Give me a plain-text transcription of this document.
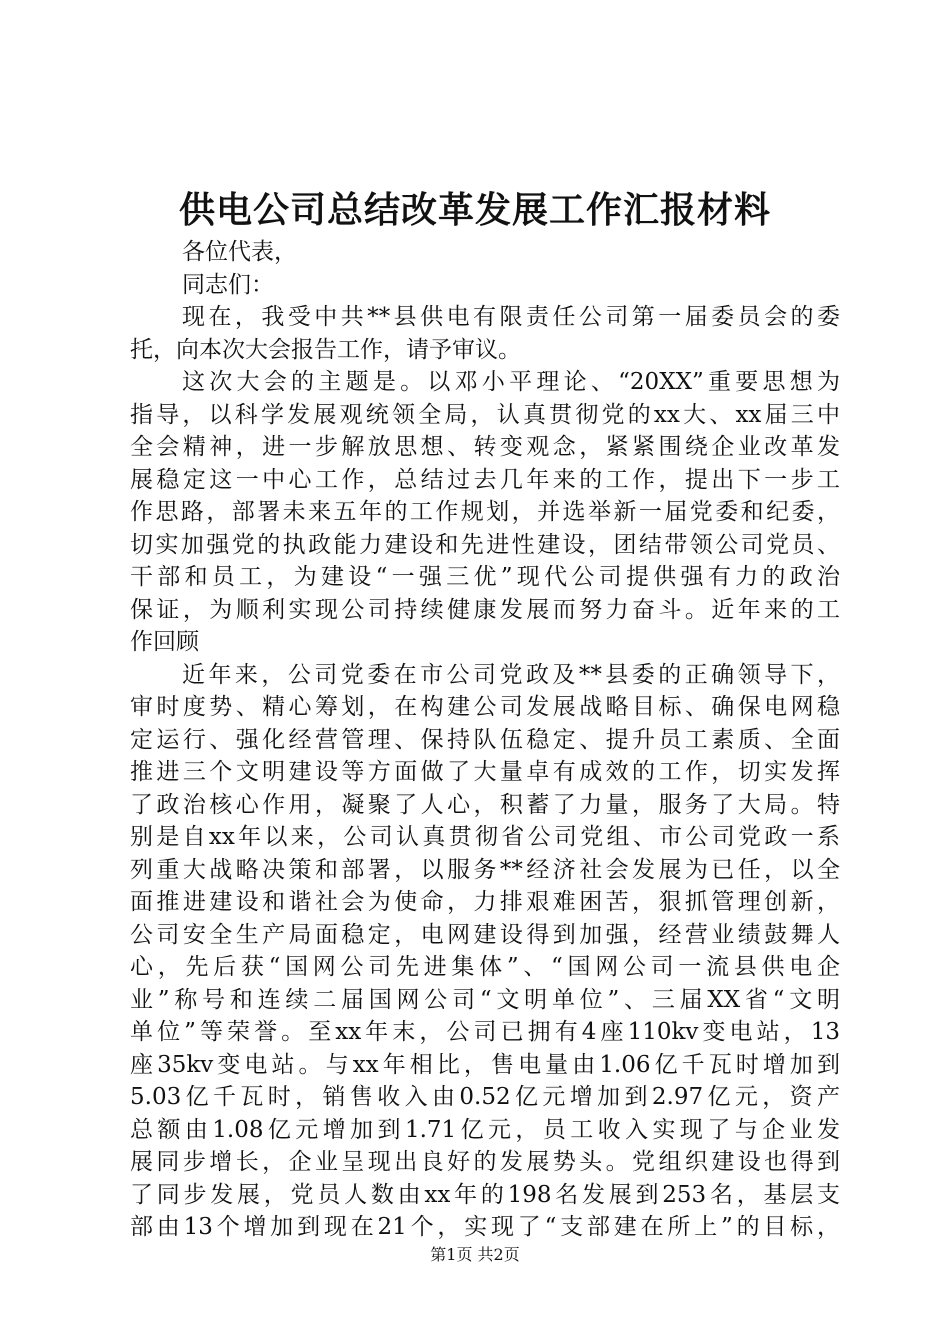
供电公司总结改革发展工作汇报材料
各位代表，
同志们：
现在，我受中共**县供电有限责任公司第一届委员会的委
托，向本次大会报告工作，请予审议。
这次大会的主题是。以邓小平理论、“20XX”重要思想为
指导，以科学发展观统领全局，认真贯彻党的xx大、xx届三中
全会精神，进一步解放思想、转变观念，紧紧围绕企业改革发
展稳定这一中心工作，总结过去几年来的工作，提出下一步工
作思路，部署未来五年的工作规划，并选举新一届党委和纪委，
切实加强党的执政能力建设和先进性建设，团结带领公司党员、
干部和员工，为建设“一强三优”现代公司提供强有力的政治
保证，为顺利实现公司持续健康发展而努力奋斗。近年来的工
作回顾
近年来，公司党委在市公司党政及**县委的正确领导下，
审时度势、精心筹划，在构建公司发展战略目标、确保电网稳
定运行、强化经营管理、保持队伍稳定、提升员工素质、全面
推进三个文明建设等方面做了大量卓有成效的工作，切实发挥
了政治核心作用，凝聚了人心，积蓄了力量，服务了大局。特
别是自xx年以来，公司认真贯彻省公司党组、市公司党政一系
列重大战略决策和部署，以服务**经济社会发展为已任，以全
面推进建设和谐社会为使命，力排艰难困苦，狠抓管理创新，
公司安全生产局面稳定，电网建设得到加强，经营业绩鼓舞人
心，先后获“国网公司先进集体”、“国网公司一流县供电企
业”称号和连续二届国网公司“文明单位”、三届XX省“文明
单位”等荣誉。至xx年末，公司已拥有4座110kv变电站，13
座35kv变电站。与xx年相比，售电量由1.06亿千瓦时增加到
5.03亿千瓦时，销售收入由0.52亿元增加到2.97亿元，资产
总额由1.08亿元增加到1.71亿元，员工收入实现了与企业发
展同步增长，企业呈现出良好的发展势头。党组织建设也得到
了同步发展，党员人数由xx年的198名发展到253名，基层支
部由13个增加到现在21个，实现了“支部建在所上”的目标，
第1页 共2页
